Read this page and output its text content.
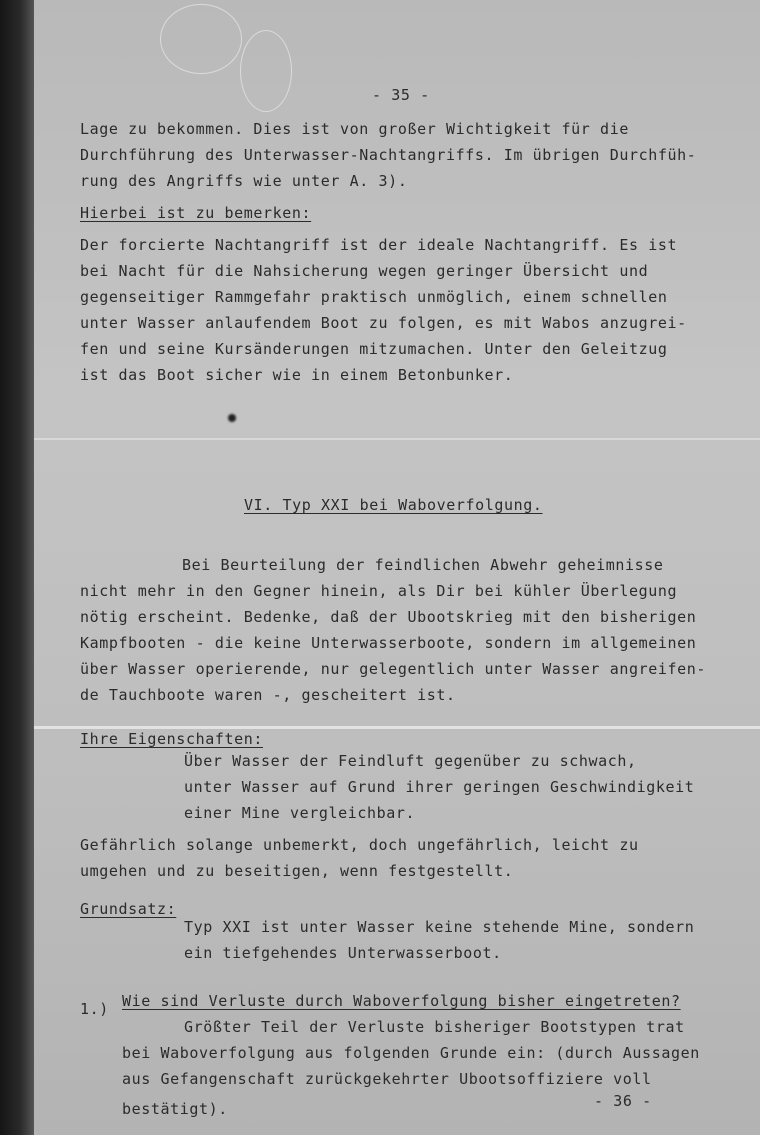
- 35 -
Lage zu bekommen. Dies ist von großer Wichtigkeit für die
Durchführung des Unterwasser-Nachtangriffs. Im übrigen Durchfüh-
rung des Angriffs wie unter A. 3).
Hierbei ist zu bemerken:
Der forcierte Nachtangriff ist der ideale Nachtangriff. Es ist
bei Nacht für die Nahsicherung wegen geringer Übersicht und
gegenseitiger Rammgefahr praktisch unmöglich, einem schnellen
unter Wasser anlaufendem Boot zu folgen, es mit Wabos anzugrei-
fen und seine Kursänderungen mitzumachen. Unter den Geleitzug
ist das Boot sicher wie in einem Betonbunker.
VI. Typ XXI bei Waboverfolgung.
Bei Beurteilung der feindlichen Abwehr geheimnisse
nicht mehr in den Gegner hinein, als Dir bei kühler Überlegung
nötig erscheint. Bedenke, daß der Ubootskrieg mit den bisherigen
Kampfbooten - die keine Unterwasserboote, sondern im allgemeinen
über Wasser operierende, nur gelegentlich unter Wasser angreifen-
de Tauchboote waren -, gescheitert ist.
Ihre Eigenschaften:
Über Wasser der Feindluft gegenüber zu schwach,
unter Wasser auf Grund ihrer geringen Geschwindigkeit
einer Mine vergleichbar.
Gefährlich solange unbemerkt, doch ungefährlich, leicht zu
umgehen und zu beseitigen, wenn festgestellt.
Grundsatz:
Typ XXI ist unter Wasser keine stehende Mine, sondern
ein tiefgehendes Unterwasserboot.
1.) Wie sind Verluste durch Waboverfolgung bisher eingetreten?
Größter Teil der Verluste bisheriger Bootstypen trat
bei Waboverfolgung aus folgenden Grunde ein: (durch Aussagen
aus Gefangenschaft zurückgekehrter Ubootsoffiziere voll
bestätigt).	- 36 -
